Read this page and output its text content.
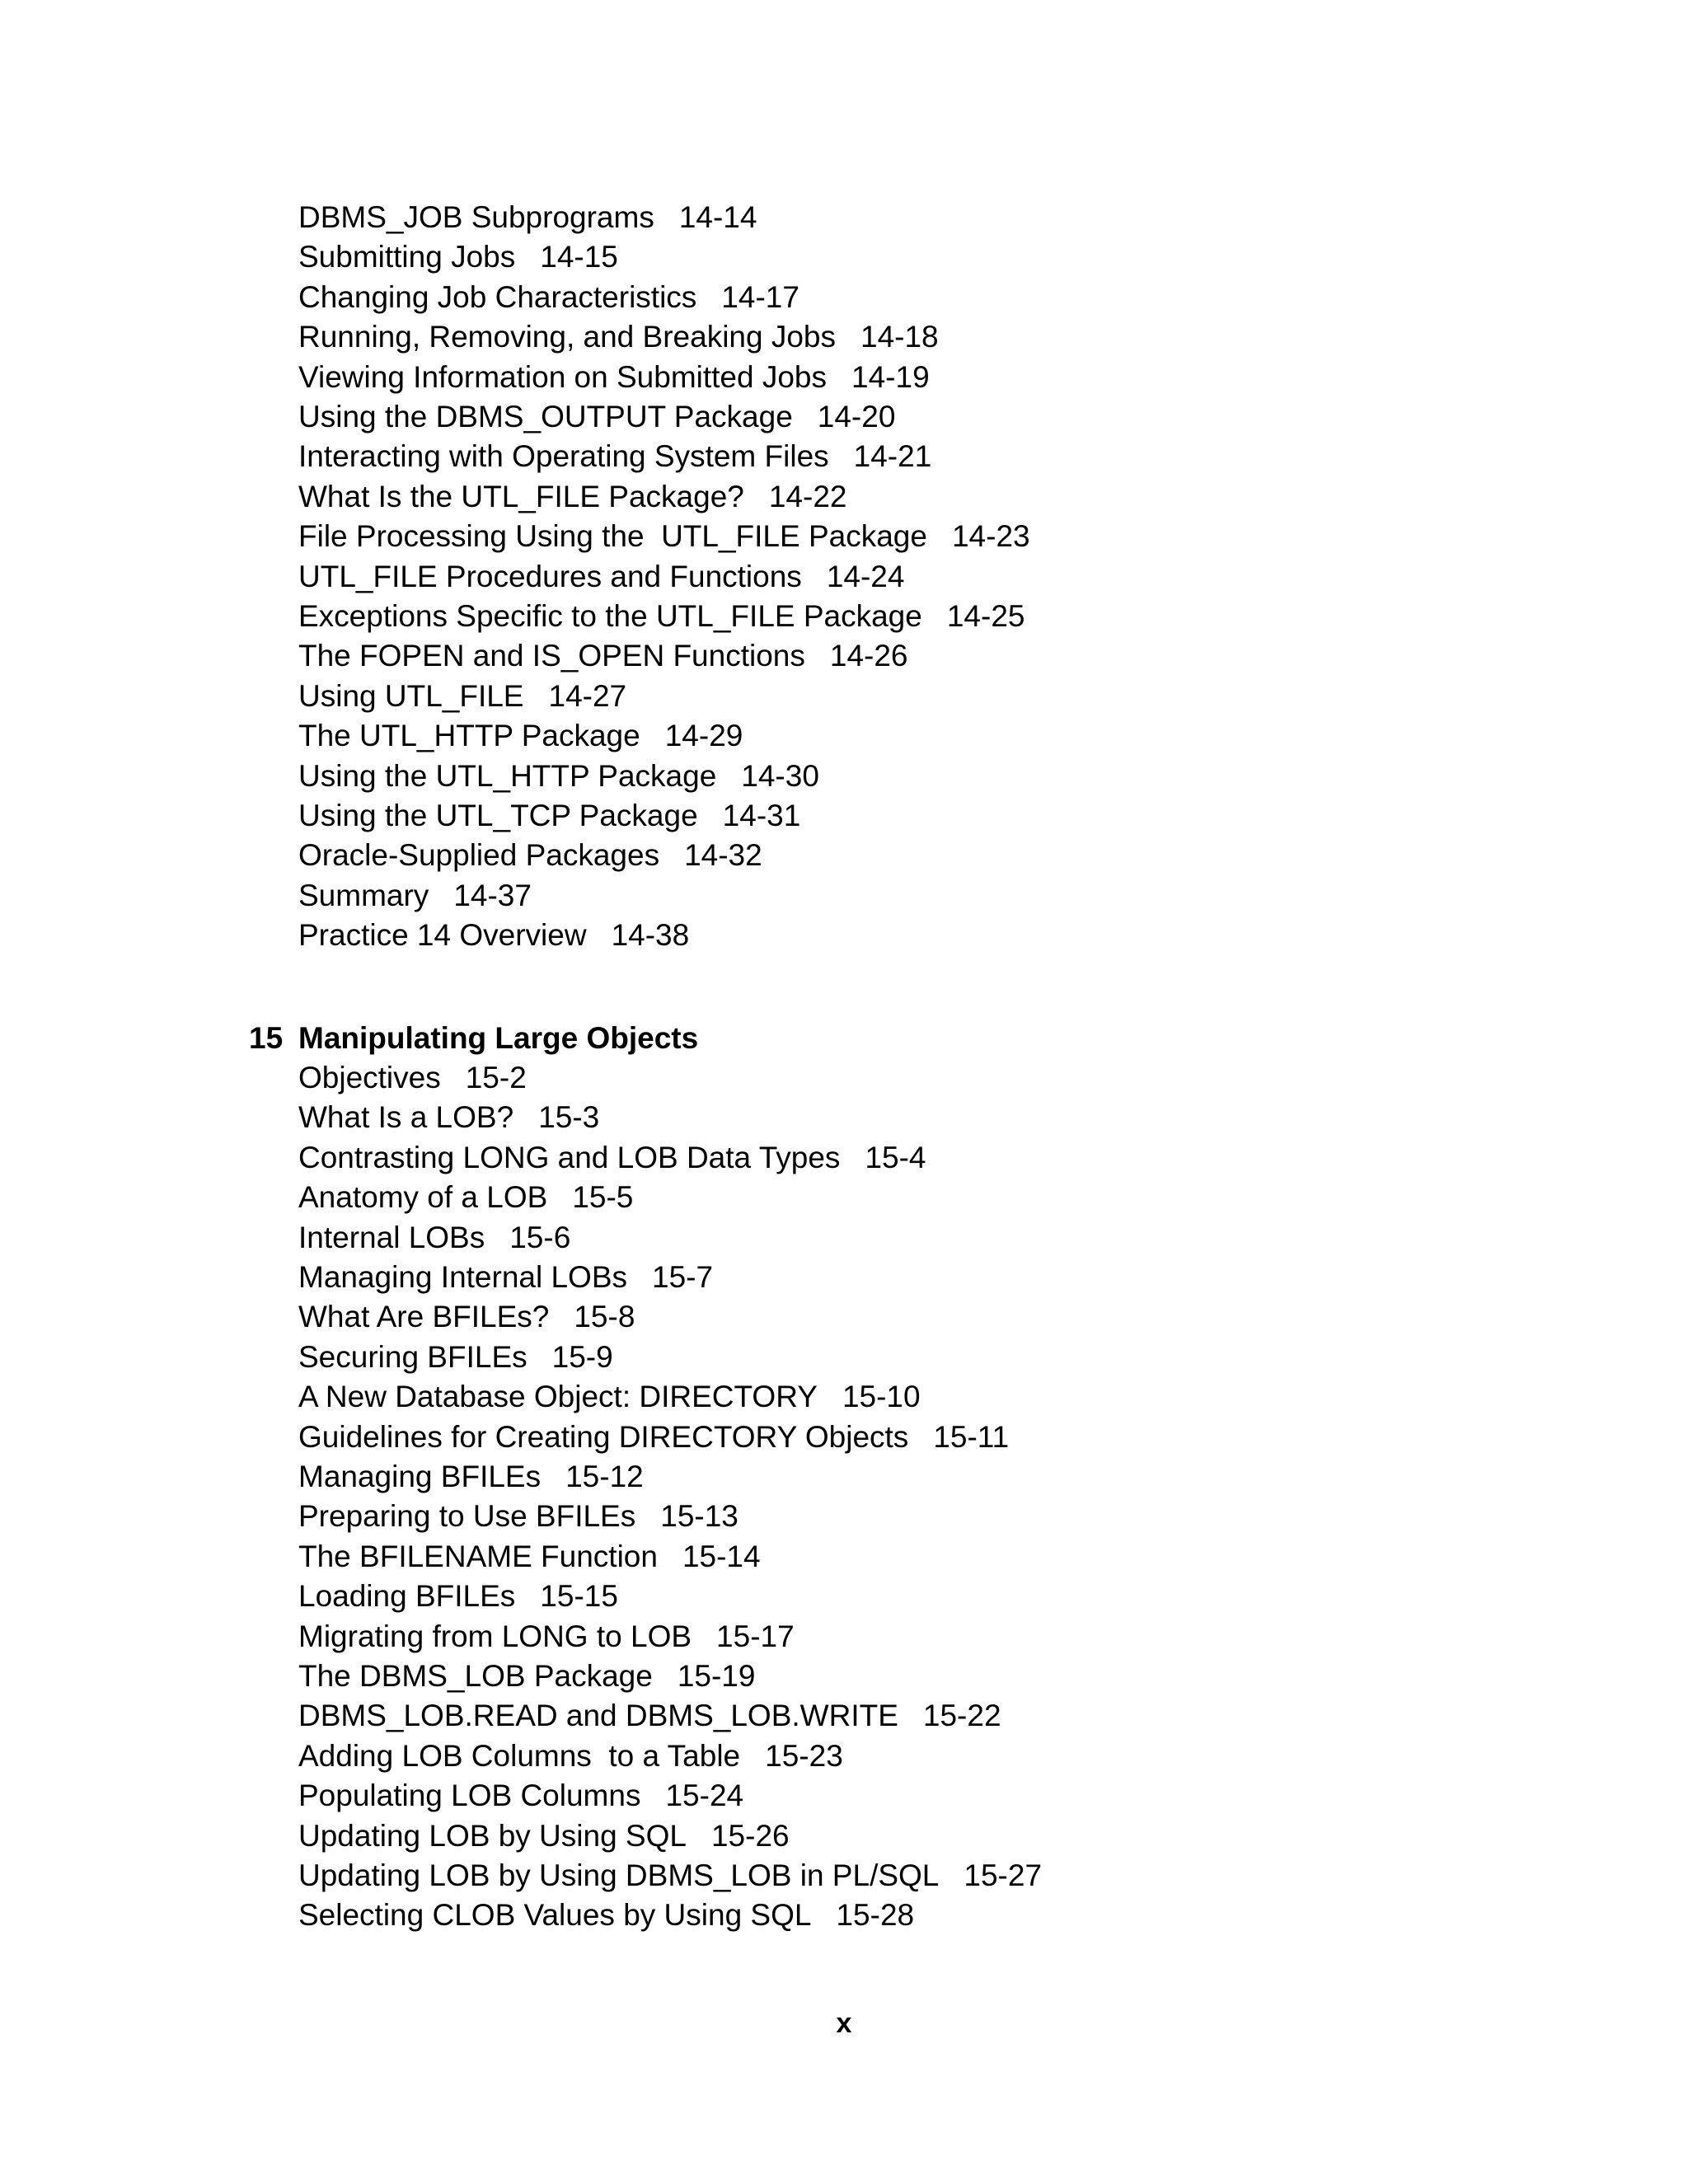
DBMS_JOB Subprograms 14-14
Submitting Jobs 14-15
Changing Job Characteristics 14-17
Running, Removing, and Breaking Jobs 14-18
Viewing Information on Submitted Jobs 14-19
Using the DBMS_OUTPUT Package 14-20
Interacting with Operating System Files 14-21
What Is the UTL_FILE Package? 14-22
File Processing Using the  UTL_FILE Package 14-23
UTL_FILE Procedures and Functions 14-24
Exceptions Specific to the UTL_FILE Package 14-25
The FOPEN and IS_OPEN Functions 14-26
Using UTL_FILE 14-27
The UTL_HTTP Package 14-29
Using the UTL_HTTP Package 14-30
Using the UTL_TCP Package 14-31
Oracle-Supplied Packages 14-32
Summary 14-37
Practice 14 Overview 14-38
15 Manipulating Large Objects
Objectives 15-2
What Is a LOB? 15-3
Contrasting LONG and LOB Data Types 15-4
Anatomy of a LOB 15-5
Internal LOBs 15-6
Managing Internal LOBs 15-7
What Are BFILEs? 15-8
Securing BFILEs 15-9
A New Database Object: DIRECTORY 15-10
Guidelines for Creating DIRECTORY Objects 15-11
Managing BFILEs 15-12
Preparing to Use BFILEs 15-13
The BFILENAME Function 15-14
Loading BFILEs 15-15
Migrating from LONG to LOB 15-17
The DBMS_LOB Package 15-19
DBMS_LOB.READ and DBMS_LOB.WRITE 15-22
Adding LOB Columns  to a Table 15-23
Populating LOB Columns 15-24
Updating LOB by Using SQL 15-26
Updating LOB by Using DBMS_LOB in PL/SQL 15-27
Selecting CLOB Values by Using SQL 15-28
x
